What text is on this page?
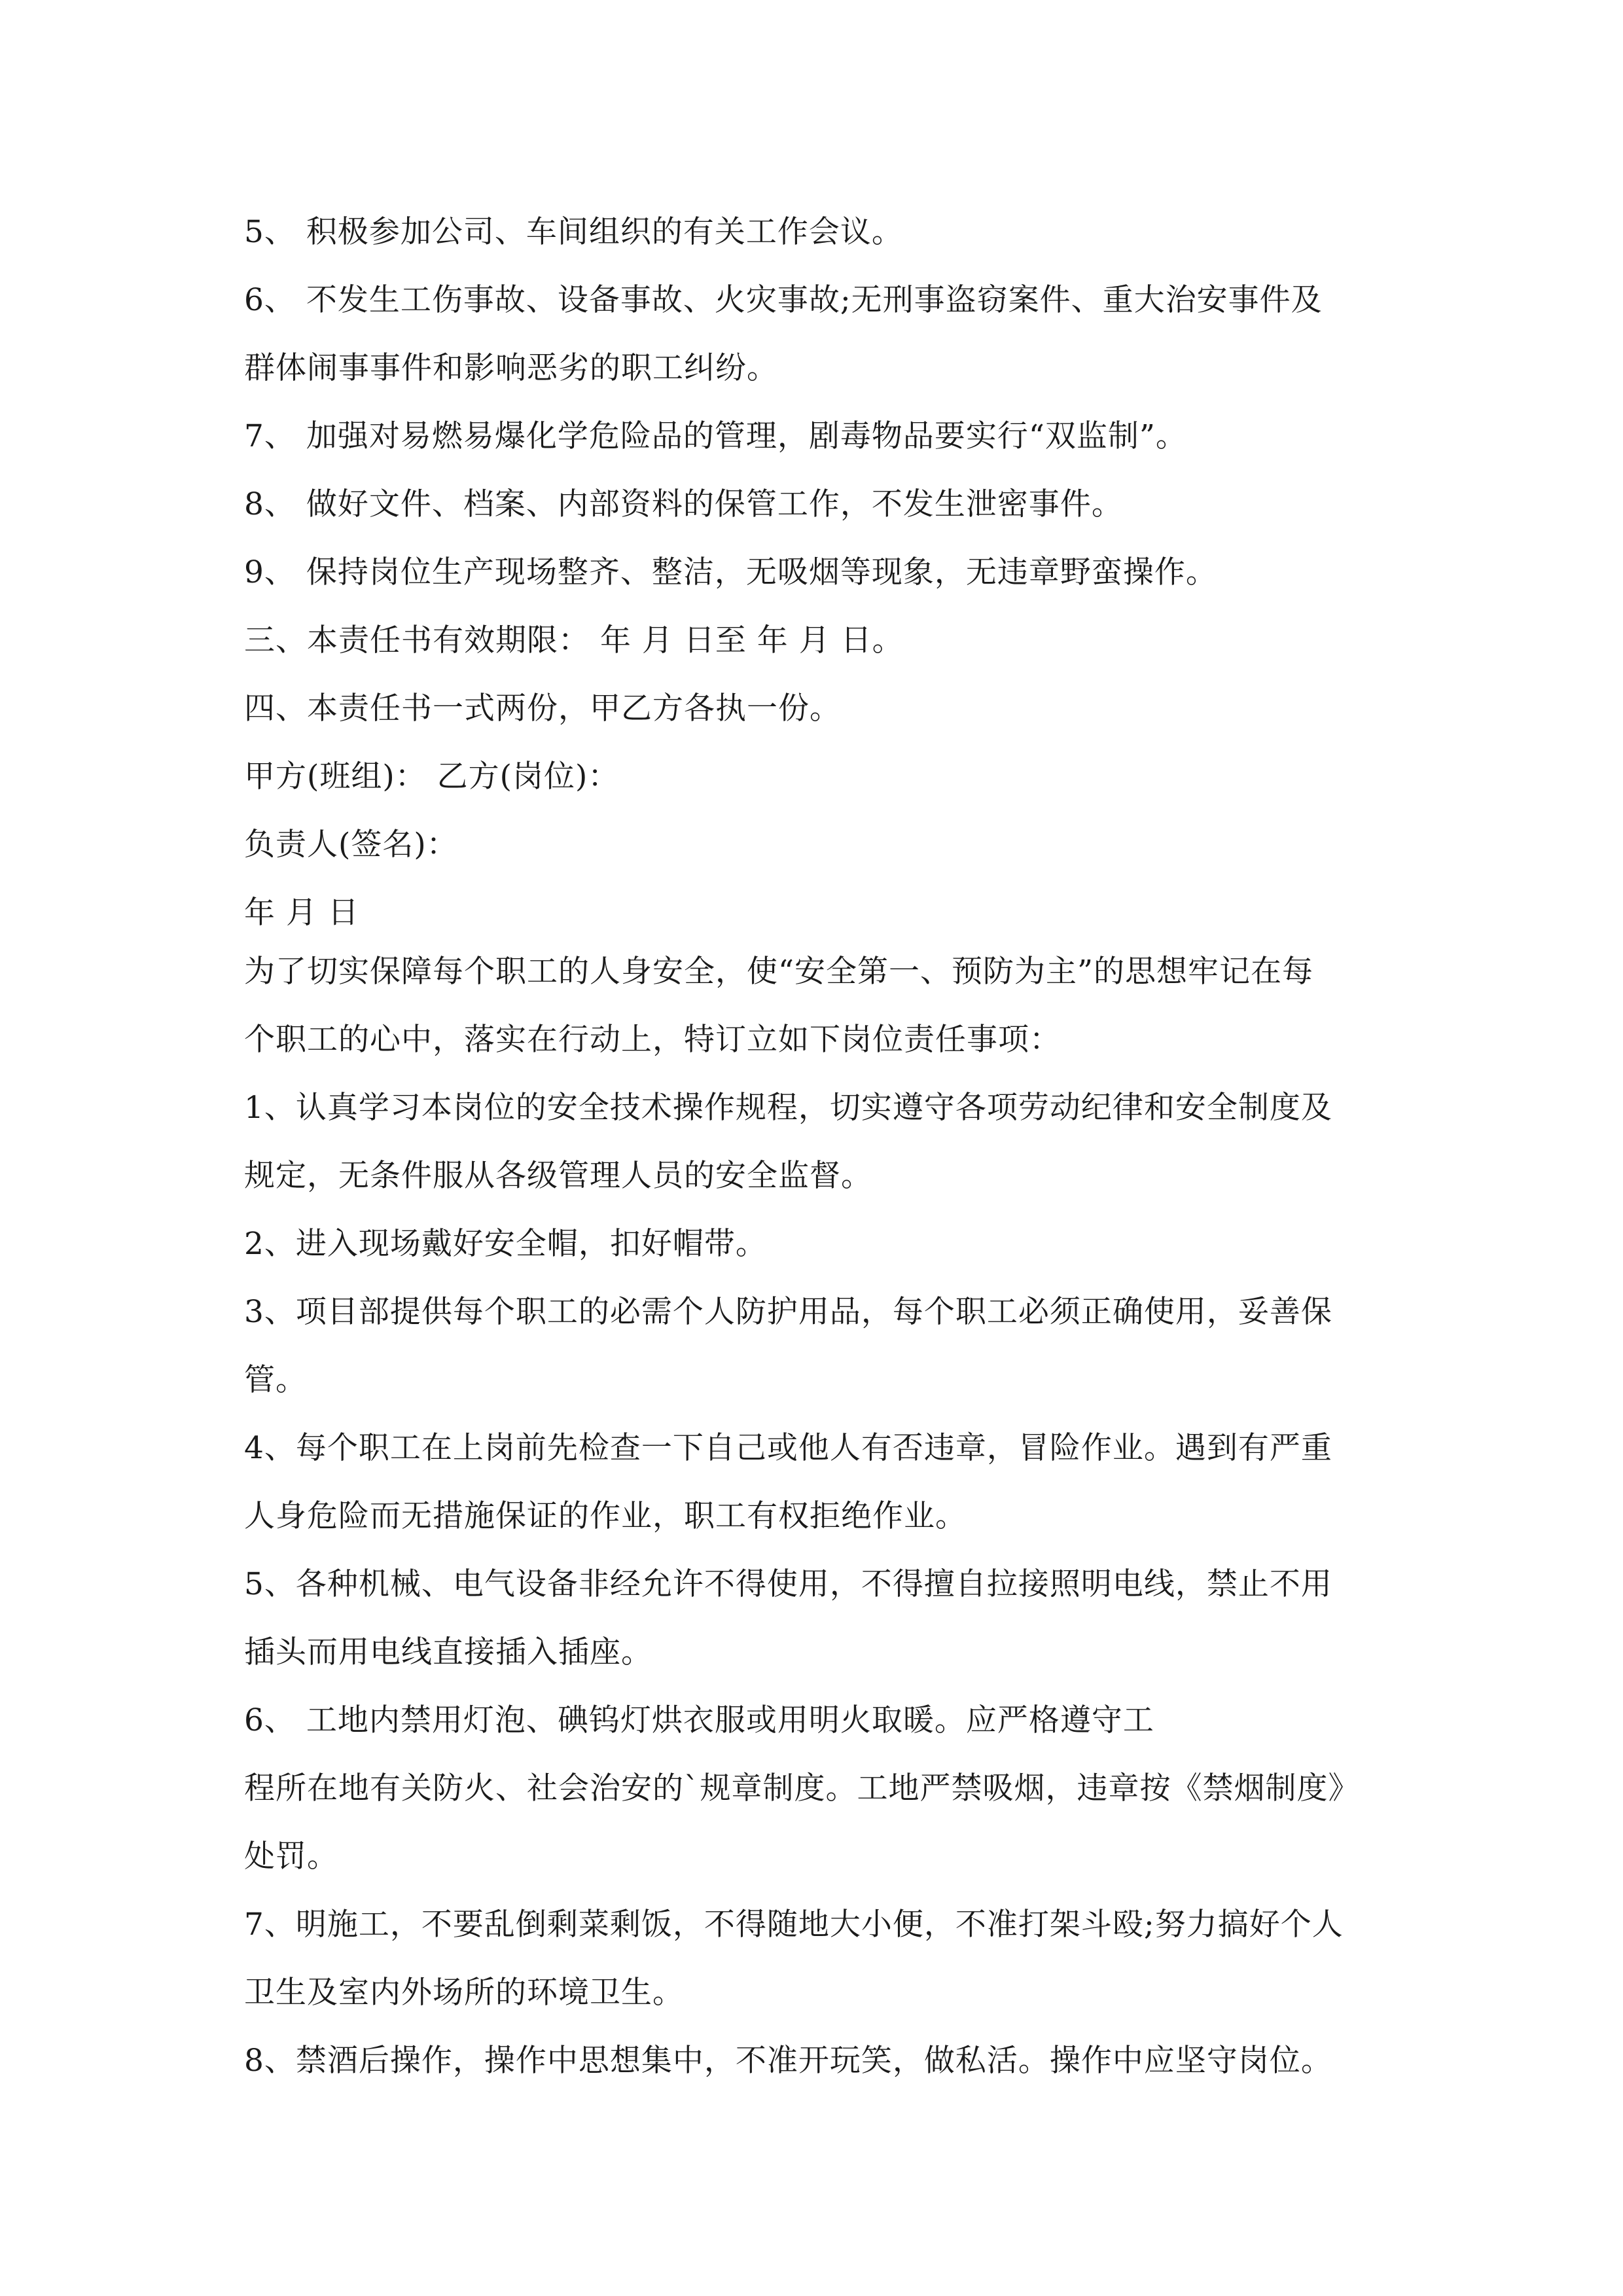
5、 积极参加公司、车间组织的有关工作会议。
6、 不发生工伤事故、设备事故、火灾事故;无刑事盗窃案件、重大治安事件及
群体闹事事件和影响恶劣的职工纠纷。
7、 加强对易燃易爆化学危险品的管理，剧毒物品要实行“双监制”。
8、 做好文件、档案、内部资料的保管工作，不发生泄密事件。
9、 保持岗位生产现场整齐、整洁，无吸烟等现象，无违章野蛮操作。
三、本责任书有效期限： 年 月 日至 年 月 日。
四、本责任书一式两份，甲乙方各执一份。
甲方(班组)： 乙方(岗位)：
负责人(签名)：
年 月 日
为了切实保障每个职工的人身安全，使“安全第一、预防为主”的思想牢记在每
个职工的心中，落实在行动上，特订立如下岗位责任事项：
1、认真学习本岗位的安全技术操作规程，切实遵守各项劳动纪律和安全制度及
规定，无条件服从各级管理人员的安全监督。
2、进入现场戴好安全帽，扣好帽带。
3、项目部提供每个职工的必需个人防护用品，每个职工必须正确使用，妥善保
管。
4、每个职工在上岗前先检查一下自己或他人有否违章，冒险作业。遇到有严重
人身危险而无措施保证的作业，职工有权拒绝作业。
5、各种机械、电气设备非经允许不得使用，不得擅自拉接照明电线，禁止不用
插头而用电线直接插入插座。
6、 工地内禁用灯泡、碘钨灯烘衣服或用明火取暖。应严格遵守工
程所在地有关防火、社会治安的`规章制度。工地严禁吸烟，违章按《禁烟制度》
处罚。
7、明施工，不要乱倒剩菜剩饭，不得随地大小便，不准打架斗殴;努力搞好个人
卫生及室内外场所的环境卫生。
8、禁酒后操作，操作中思想集中，不准开玩笑，做私活。操作中应坚守岗位。
